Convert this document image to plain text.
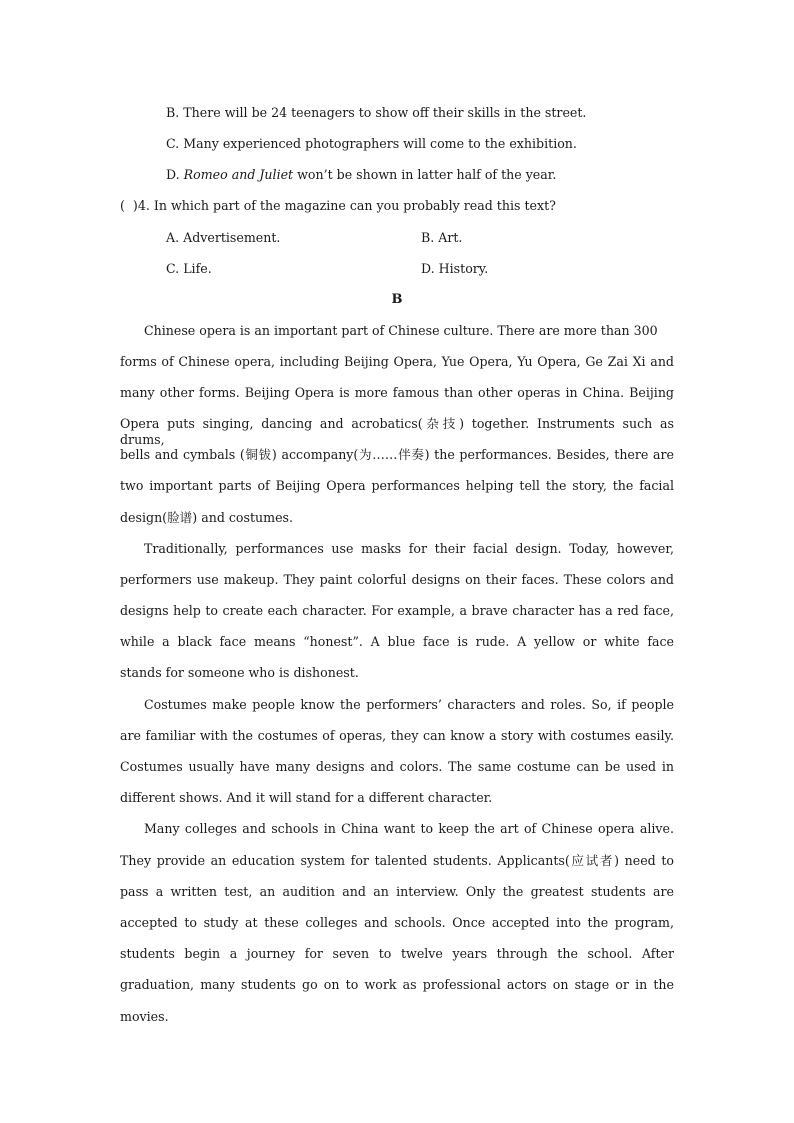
B. There will be 24 teenagers to show off their skills in the street.
C. Many experienced photographers will come to the exhibition.
D. Romeo and Juliet won’t be shown in latter half of the year.
(  )4. In which part of the magazine can you probably read this text?
A. Advertisement.	B. Art.
C. Life.	D. History.
B
Chinese opera is an important part of Chinese culture. There are more than 300
forms of Chinese opera, including Beijing Opera, Yue Opera, Yu Opera, Ge Zai Xi and
many other forms. Beijing Opera is more famous than other operas in China. Beijing
Opera puts singing, dancing and acrobatics(杂技) together. Instruments such as drums,
bells and cymbals (铜钹) accompany(为……伴奏) the performances. Besides, there are
two important parts of Beijing Opera performances helping tell the story, the facial
design(脸谱) and costumes.
Traditionally, performances use masks for their facial design. Today, however,
performers use makeup. They paint colorful designs on their faces. These colors and
designs help to create each character. For example, a brave character has a red face,
while a black face means “honest”. A blue face is rude. A yellow or white face
stands for someone who is dishonest.
Costumes make people know the performers’ characters and roles. So, if people
are familiar with the costumes of operas, they can know a story with costumes easily.
Costumes usually have many designs and colors. The same costume can be used in
different shows. And it will stand for a different character.
Many colleges and schools in China want to keep the art of Chinese opera alive.
They provide an education system for talented students. Applicants(应试者) need to
pass a written test, an audition and an interview. Only the greatest students are
accepted to study at these colleges and schools. Once accepted into the program,
students begin a journey for seven to twelve years through the school. After
graduation, many students go on to work as professional actors on stage or in the
movies.
